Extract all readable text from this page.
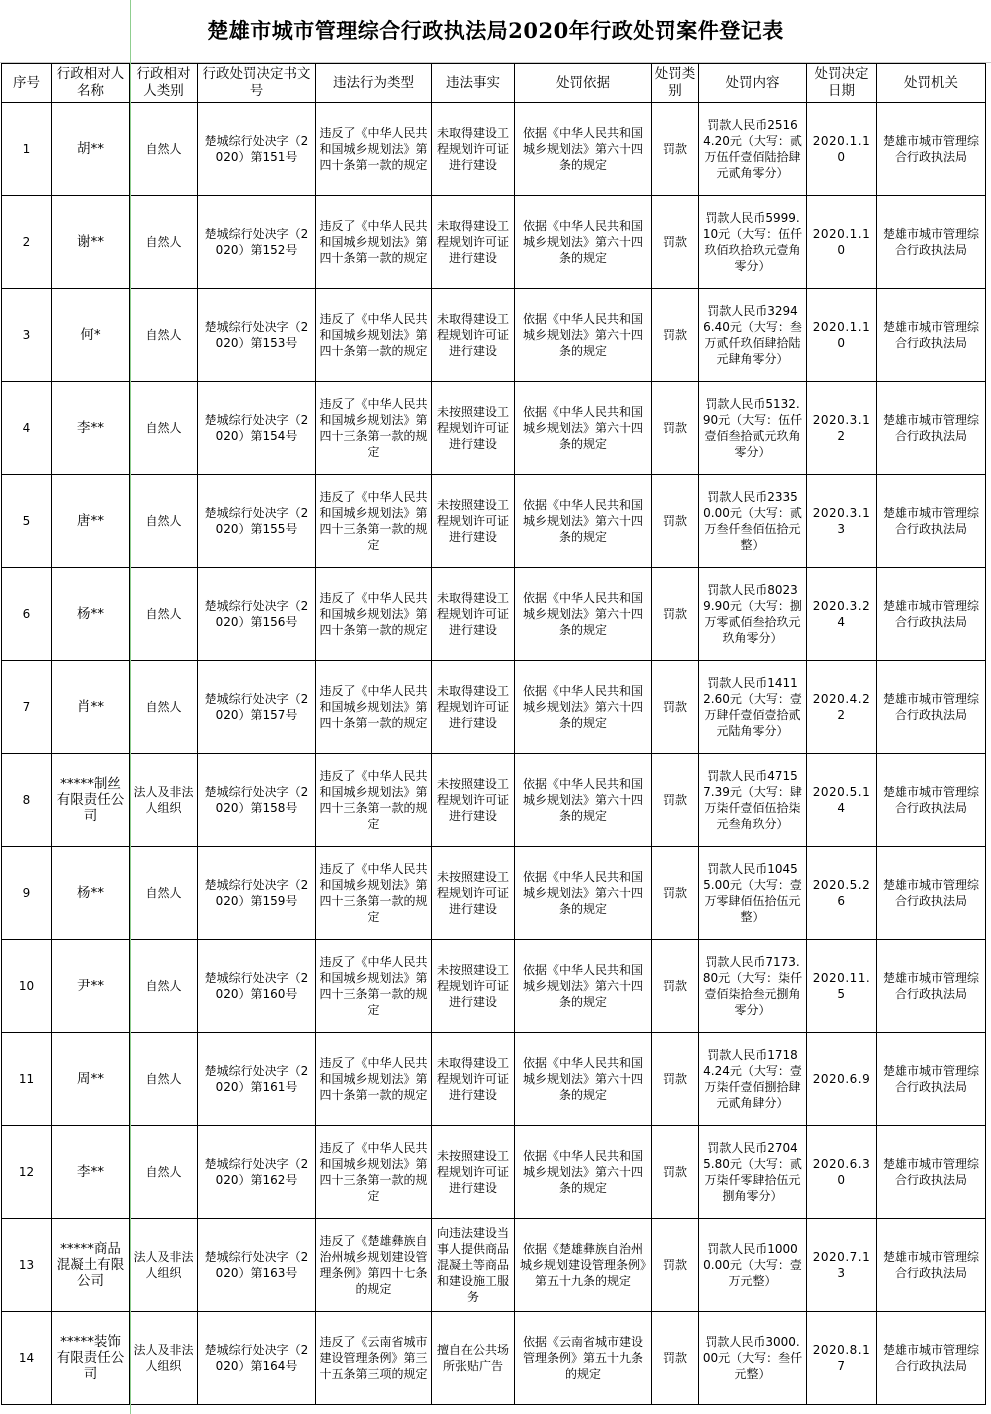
楚雄市城市管理综合行政执法局2020年行政处罚案件登记表
序号	行政相对人名称	行政相对人类别	行政处罚决定书文号	违法行为类型	违法事实	处罚依据	处罚类别	处罚内容	处罚决定日期	处罚机关
1	胡**	自然人	楚城综行处决字（2020）第151号	违反了《中华人民共和国城乡规划法》第四十条第一款的规定	未取得建设工程规划许可证进行建设	依据《中华人民共和国城乡规划法》第六十四条的规定	罚款	罚款人民币25164.20元（大写：贰万伍仟壹佰陆拾肆元贰角零分）	2020.1.10	楚雄市城市管理综合行政执法局
2	谢**	自然人	楚城综行处决字（2020）第152号	违反了《中华人民共和国城乡规划法》第四十条第一款的规定	未取得建设工程规划许可证进行建设	依据《中华人民共和国城乡规划法》第六十四条的规定	罚款	罚款人民币5999.10元（大写：伍仟玖佰玖拾玖元壹角零分）	2020.1.10	楚雄市城市管理综合行政执法局
3	何*	自然人	楚城综行处决字（2020）第153号	违反了《中华人民共和国城乡规划法》第四十条第一款的规定	未取得建设工程规划许可证进行建设	依据《中华人民共和国城乡规划法》第六十四条的规定	罚款	罚款人民币32946.40元（大写：叁万贰仟玖佰肆拾陆元肆角零分）	2020.1.10	楚雄市城市管理综合行政执法局
4	李**	自然人	楚城综行处决字（2020）第154号	违反了《中华人民共和国城乡规划法》第四十三条第一款的规定	未按照建设工程规划许可证进行建设	依据《中华人民共和国城乡规划法》第六十四条的规定	罚款	罚款人民币5132.90元（大写：伍仟壹佰叁拾贰元玖角零分）	2020.3.12	楚雄市城市管理综合行政执法局
5	唐**	自然人	楚城综行处决字（2020）第155号	违反了《中华人民共和国城乡规划法》第四十三条第一款的规定	未按照建设工程规划许可证进行建设	依据《中华人民共和国城乡规划法》第六十四条的规定	罚款	罚款人民币23350.00元（大写：贰万叁仟叁佰伍拾元整）	2020.3.13	楚雄市城市管理综合行政执法局
6	杨**	自然人	楚城综行处决字（2020）第156号	违反了《中华人民共和国城乡规划法》第四十条第一款的规定	未取得建设工程规划许可证进行建设	依据《中华人民共和国城乡规划法》第六十四条的规定	罚款	罚款人民币80239.90元（大写：捌万零贰佰叁拾玖元玖角零分）	2020.3.24	楚雄市城市管理综合行政执法局
7	肖**	自然人	楚城综行处决字（2020）第157号	违反了《中华人民共和国城乡规划法》第四十条第一款的规定	未取得建设工程规划许可证进行建设	依据《中华人民共和国城乡规划法》第六十四条的规定	罚款	罚款人民币14112.60元（大写：壹万肆仟壹佰壹拾贰元陆角零分）	2020.4.22	楚雄市城市管理综合行政执法局
8	*****制丝有限责任公司	法人及非法人组织	楚城综行处决字（2020）第158号	违反了《中华人民共和国城乡规划法》第四十三条第一款的规定	未按照建设工程规划许可证进行建设	依据《中华人民共和国城乡规划法》第六十四条的规定	罚款	罚款人民币47157.39元（大写：肆万柒仟壹佰伍拾柒元叁角玖分）	2020.5.14	楚雄市城市管理综合行政执法局
9	杨**	自然人	楚城综行处决字（2020）第159号	违反了《中华人民共和国城乡规划法》第四十三条第一款的规定	未按照建设工程规划许可证进行建设	依据《中华人民共和国城乡规划法》第六十四条的规定	罚款	罚款人民币10455.00元（大写：壹万零肆佰伍拾伍元整）	2020.5.26	楚雄市城市管理综合行政执法局
10	尹**	自然人	楚城综行处决字（2020）第160号	违反了《中华人民共和国城乡规划法》第四十三条第一款的规定	未按照建设工程规划许可证进行建设	依据《中华人民共和国城乡规划法》第六十四条的规定	罚款	罚款人民币7173.80元（大写：柒仟壹佰柒拾叁元捌角零分）	2020.11.5	楚雄市城市管理综合行政执法局
11	周**	自然人	楚城综行处决字（2020）第161号	违反了《中华人民共和国城乡规划法》第四十条第一款的规定	未取得建设工程规划许可证进行建设	依据《中华人民共和国城乡规划法》第六十四条的规定	罚款	罚款人民币17184.24元（大写：壹万柒仟壹佰捌拾肆元贰角肆分）	2020.6.9	楚雄市城市管理综合行政执法局
12	李**	自然人	楚城综行处决字（2020）第162号	违反了《中华人民共和国城乡规划法》第四十三条第一款的规定	未按照建设工程规划许可证进行建设	依据《中华人民共和国城乡规划法》第六十四条的规定	罚款	罚款人民币27045.80元（大写：贰万柒仟零肆拾伍元捌角零分）	2020.6.30	楚雄市城市管理综合行政执法局
13	*****商品混凝土有限公司	法人及非法人组织	楚城综行处决字（2020）第163号	违反了《楚雄彝族自治州城乡规划建设管理条例》第四十七条的规定	向违法建设当事人提供商品混凝土等商品和建设施工服务	依据《楚雄彝族自治州城乡规划建设管理条例》第五十九条的规定	罚款	罚款人民币10000.00元（大写：壹万元整）	2020.7.13	楚雄市城市管理综合行政执法局
14	*****装饰有限责任公司	法人及非法人组织	楚城综行处决字（2020）第164号	违反了《云南省城市建设管理条例》第三十五条第三项的规定	擅自在公共场所张贴广告	依据《云南省城市建设管理条例》第五十九条的规定	罚款	罚款人民币3000.00元（大写：叁仟元整）	2020.8.17	楚雄市城市管理综合行政执法局
